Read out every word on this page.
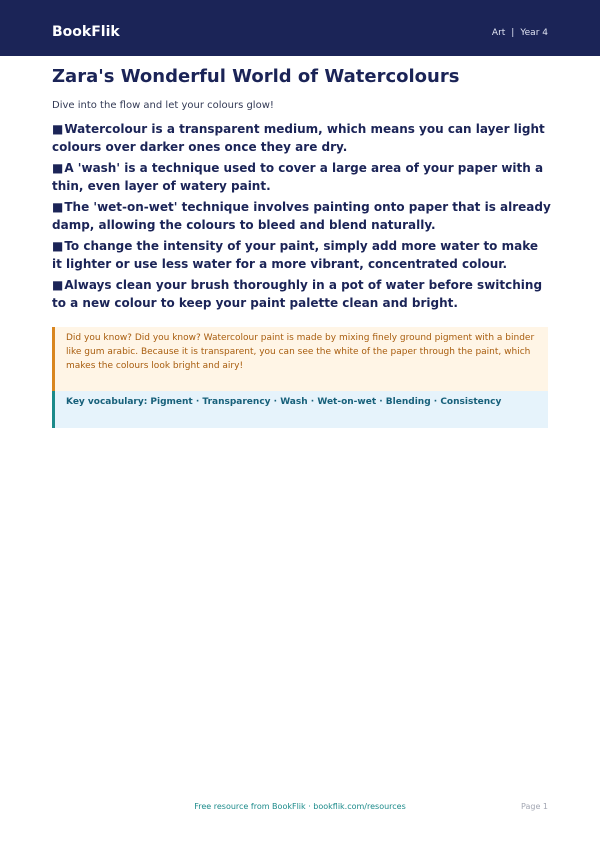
BookFlik	Art | Year 4
Zara's Wonderful World of Watercolours
Dive into the flow and let your colours glow!
■Watercolour is a transparent medium, which means you can layer light colours over darker ones once they are dry.
■A 'wash' is a technique used to cover a large area of your paper with a thin, even layer of watery paint.
■The 'wet-on-wet' technique involves painting onto paper that is already damp, allowing the colours to bleed and blend naturally.
■To change the intensity of your paint, simply add more water to make it lighter or use less water for a more vibrant, concentrated colour.
■Always clean your brush thoroughly in a pot of water before switching to a new colour to keep your paint palette clean and bright.
Did you know? Did you know? Watercolour paint is made by mixing finely ground pigment with a binder like gum arabic. Because it is transparent, you can see the white of the paper through the paint, which makes the colours look bright and airy!
Key vocabulary: Pigment · Transparency · Wash · Wet-on-wet · Blending · Consistency
Free resource from BookFlik · bookflik.com/resources	Page 1
